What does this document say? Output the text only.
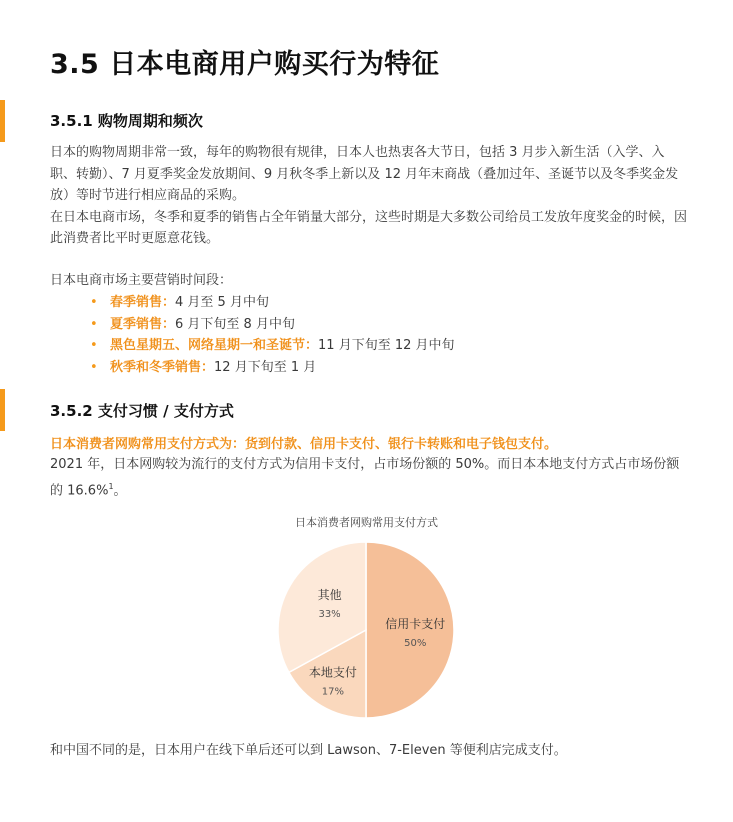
3.5 日本电商用户购买行为特征
3.5.1 购物周期和频次

日本的购物周期非常一致，每年的购物很有规律，日本人也热衷各大节日，包括 3 月步入新生活（入学、入职、转勤）、7 月夏季奖金发放期间、9 月秋冬季上新以及 12 月年末商战（叠加过年、圣诞节以及冬季奖金发放）等时节进行相应商品的采购。

在日本电商市场，冬季和夏季的销售占全年销量大部分，这些时期是大多数公司给员工发放年度奖金的时候，因此消费者比平时更愿意花钱。

日本电商市场主要营销时间段：
• 春季销售：4 月至 5 月中旬
• 夏季销售：6 月下旬至 8 月中旬
• 黑色星期五、网络星期一和圣诞节：11 月下旬至 12 月中旬
• 秋季和冬季销售：12 月下旬至 1 月
3.5.2 支付习惯 / 支付方式
日本消费者网购常用支付方式为：货到付款、信用卡支付、银行卡转账和电子钱包支付。
2021 年，日本网购较为流行的支付方式为信用卡支付，占市场份额的 50%。而日本本地支付方式占市场份额的 16.6%$^1$。
日本消费者网购常用支付方式
信用卡支付
50%
本地支付
17%
其他
33%
和中国不同的是，日本用户在线下单后还可以到 Lawson、7-Eleven 等便利店完成支付。
